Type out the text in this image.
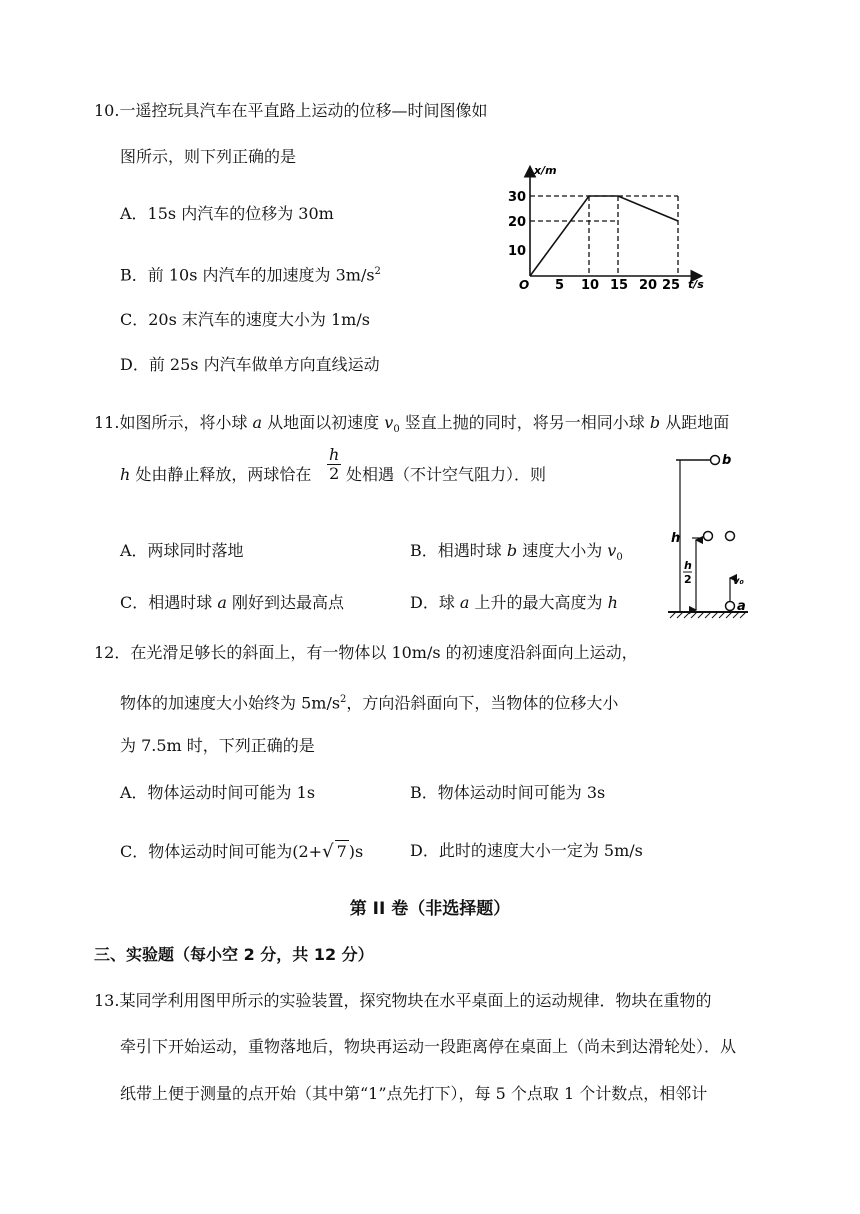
10.一遥控玩具汽车在平直路上运动的位移—时间图像如
图所示，则下列正确的是
A．15s 内汽车的位移为 30m
B．前 10s 内汽车的加速度为 $3m/s^2$
C．20s 末汽车的速度大小为 1m/s
D．前 25s 内汽车做单方向直线运动
x/m
t/s
O
10
20
30
5 10 15 20 25
11.如图所示，将小球 a 从地面以初速度 $v_0$ 竖直上抛的同时，将另一相同小球 b 从距地面
h 处由静止释放，两球恰在 $\frac{h}{2}$ 处相遇（不计空气阻力）．则
A．两球同时落地	B．相遇时球 b 速度大小为 $v_0$
C．相遇时球 a 刚好到达最高点	D．球 a 上升的最大高度为 h
b
a
h
h
2	v₀
12．在光滑足够长的斜面上，有一物体以 10m/s 的初速度沿斜面向上运动，
物体的加速度大小始终为 $5m/s^2$，方向沿斜面向下，当物体的位移大小
为 7.5m 时，下列正确的是
A．物体运动时间可能为 1s	B．物体运动时间可能为 3s
C．物体运动时间可能为(2+√ 7 )s	D．此时的速度大小一定为 5m/s
第 II 卷（非选择题）
三、实验题（每小空 2 分，共 12 分）
13.某同学利用图甲所示的实验装置，探究物块在水平桌面上的运动规律．物块在重物的
牵引下开始运动，重物落地后，物块再运动一段距离停在桌面上（尚未到达滑轮处）．从
纸带上便于测量的点开始（其中第“1”点先打下），每 5 个点取 1 个计数点，相邻计
